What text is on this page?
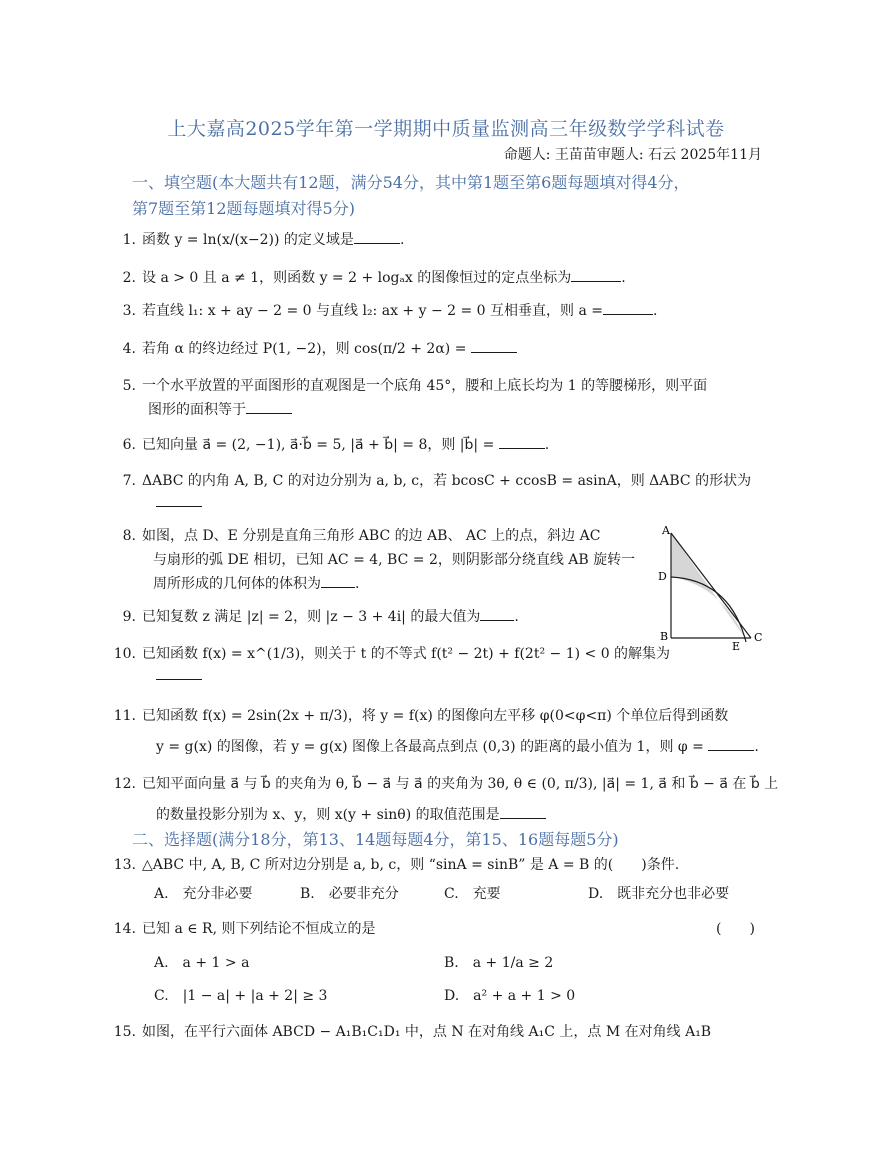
上大嘉高2025学年第一学期期中质量监测高三年级数学学科试卷
命题人: 王苗苗审题人: 石云 2025年11月
一、填空题(本大题共有12题，满分54分，其中第1题至第6题每题填对得4分，
第7题至第12题每题填对得5分)
1. 函数 y = ln(x/(x−2)) 的定义域是	.
2. 设 a > 0 且 a ≠ 1，则函数 y = 2 + logₐx 的图像恒过的定点坐标为	.
3. 若直线 l₁: x + ay − 2 = 0 与直线 l₂: ax + y − 2 = 0 互相垂直，则 a =	.
4. 若角 α 的终边经过 P(1, −2)，则 cos(π/2 + 2α) =
5. 一个水平放置的平面图形的直观图是一个底角 45°，腰和上底长均为 1 的等腰梯形，则平面
图形的面积等于
6. 已知向量 a⃗ = (2, −1), a⃗·b⃗ = 5, |a⃗ + b⃗| = 8，则 |b⃗| =	.
7. ΔABC 的内角 A, B, C 的对边分别为 a, b, c，若 bcosC + ccosB = asinA，则 ΔABC 的形状为
8. 如图，点 D、E 分别是直角三角形 ABC 的边 AB、 AC 上的点，斜边 AC
与扇形的弧 DE 相切，已知 AC = 4, BC = 2，则阴影部分绕直线 AB 旋转一
周所形成的几何体的体积为 .
A
D
B	C
E
9. 已知复数 z 满足 |z| = 2，则 |z − 3 + 4i| 的最大值为 .
10. 已知函数 f(x) = x^(1/3)，则关于 t 的不等式 f(t² − 2t) + f(2t² − 1) < 0 的解集为
11. 已知函数 f(x) = 2sin(2x + π/3)，将 y = f(x) 的图像向左平移 φ(0<φ<π) 个单位后得到函数
y = g(x) 的图像，若 y = g(x) 图像上各最高点到点 (0,3) 的距离的最小值为 1，则 φ =	.
12. 已知平面向量 a⃗ 与 b⃗ 的夹角为 θ, b⃗ − a⃗ 与 a⃗ 的夹角为 3θ, θ ∈ (0, π/3), |a⃗| = 1, a⃗ 和 b⃗ − a⃗ 在 b⃗ 上
的数量投影分别为 x、y，则 x(y + sinθ) 的取值范围是
二、选择题(满分18分，第13、14题每题4分，第15、16题每题5分)
13. △ABC 中, A, B, C 所对边分别是 a, b, c，则 “sinA = sinB” 是 A = B 的(　　)条件.
A.　充分非必要	B.　必要非充分	C.　充要	D.　既非充分也非必要
14. 已知 a ∈ R, 则下列结论不恒成立的是	(　　)
A.　a + 1 > a	B.　a + 1/a ≥ 2
C.　|1 − a| + |a + 2| ≥ 3	D.　a² + a + 1 > 0
15. 如图，在平行六面体 ABCD − A₁B₁C₁D₁ 中，点 N 在对角线 A₁C 上，点 M 在对角线 A₁B
